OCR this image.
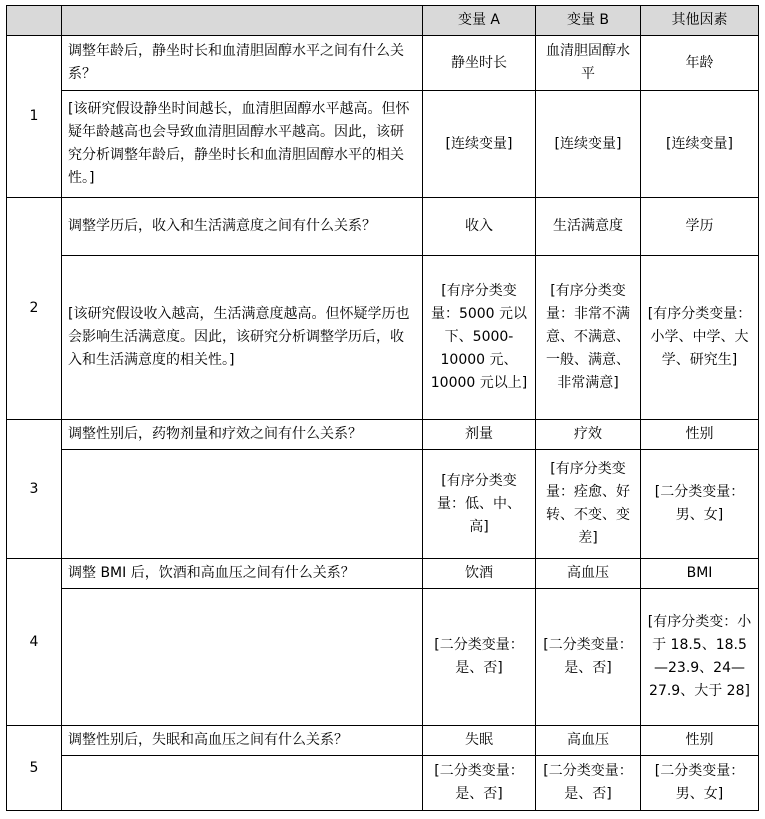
		变量 A	变量 B	其他因素
1	调整年龄后，静坐时长和血清胆固醇水平之间有什么关系？	静坐时长	血清胆固醇水平	年龄
	[该研究假设静坐时间越长，血清胆固醇水平越高。但怀疑年龄越高也会导致血清胆固醇水平越高。因此，该研究分析调整年龄后，静坐时长和血清胆固醇水平的相关性。]	[连续变量]	[连续变量]	[连续变量]
2	调整学历后，收入和生活满意度之间有什么关系？	收入	生活满意度	学历
	[该研究假设收入越高，生活满意度越高。但怀疑学历也会影响生活满意度。因此，该研究分析调整学历后，收入和生活满意度的相关性。]	[有序分类变量：5000 元以下、5000-10000 元、10000 元以上]	[有序分类变量：非常不满意、不满意、一般、满意、非常满意]	[有序分类变量：小学、中学、大学、研究生]
3	调整性别后，药物剂量和疗效之间有什么关系？	剂量	疗效	性别
		[有序分类变量：低、中、高]	[有序分类变量：痊愈、好转、不变、变差]	[二分类变量：男、女]
4	调整 BMI 后，饮酒和高血压之间有什么关系？	饮酒	高血压	BMI
		[二分类变量：是、否]	[二分类变量：是、否]	[有序分类变：小于 18.5、18.5—23.9、24—27.9、大于 28]
5	调整性别后，失眠和高血压之间有什么关系？	失眠	高血压	性别
		[二分类变量：是、否]	[二分类变量：是、否]	[二分类变量：男、女]
